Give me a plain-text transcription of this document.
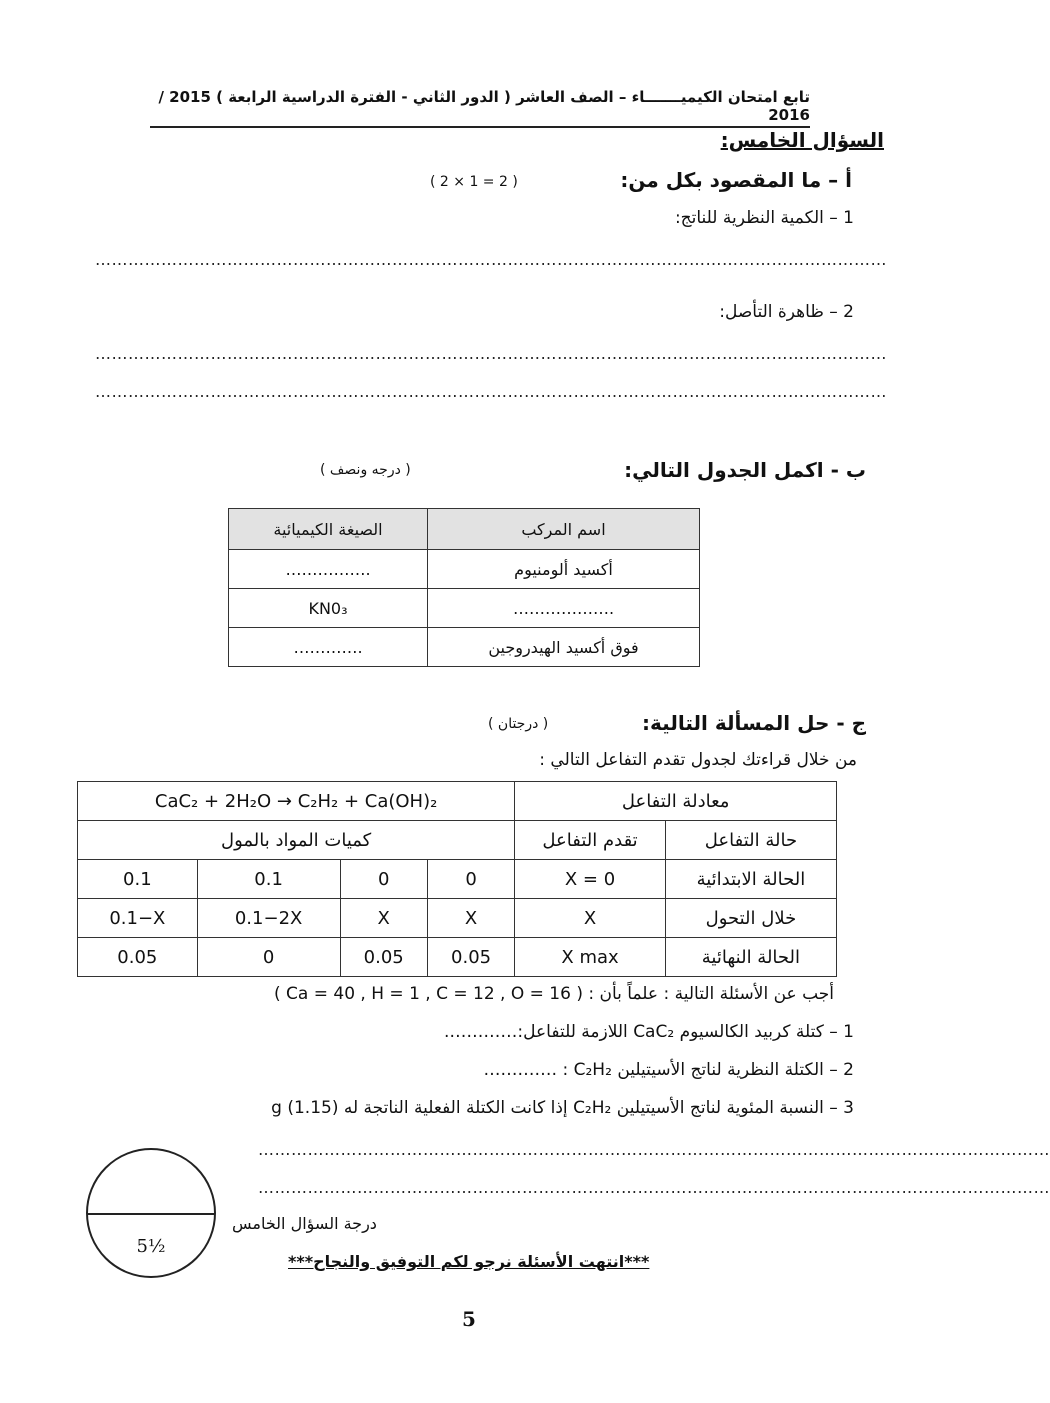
تابع امتحان الكيميـــــــاء – الصف العاشر ( الدور الثاني - الفترة الدراسية الرابعة ) 2015 / 2016
السؤال الخامس:
أ – ما المقصود بكل من:
( 2 × 1 = 2 )
1 – الكمية النظرية للناتج:
………………………………………………………………………………………………………………………………
2 – ظاهرة التأصل:
………………………………………………………………………………………………………………………………
………………………………………………………………………………………………………………………………
ب - اكمل الجدول التالي:
( درجه ونصف )
الصيغة الكيميائية	اسم المركب
…………….	أكسيد ألومنيوم
KN0₃	……………….
………….	فوق أكسيد الهيدروجين
ج - حل المسألة التالية:
( درجتان )
من خلال قراءتك لجدول تقدم التفاعل التالي :
CaC₂ + 2H₂O → C₂H₂ + Ca(OH)₂				معادلة التفاعل	
كميات المواد بالمول				تقدم التفاعل	حالة التفاعل
0.1	0.1	0	0	X = 0	الحالة الابتدائية
0.1−X	0.1−2X	X	X	X	خلال التحول
0.05	0	0.05	0.05	X max	الحالة النهائية
أجب عن الأسئلة التالية : علماً بأن : ( Ca = 40 , H = 1 , C = 12 , O = 16 )
1 – كتلة كربيد الكالسيوم CaC₂ اللازمة للتفاعل:………….
2 – الكتلة النظرية لناتج الأسيتيلين C₂H₂ : ………….
3 – النسبة المئوية لناتج الأسيتيلين C₂H₂ إذا كانت الكتلة الفعلية الناتجة له g (1.15)
………………………………………………………………………………………………………………………………
………………………………………………………………………………………………………………………………
5½
درجة السؤال الخامس
***انتهت الأسئلة نرجو لكم التوفيق والنجاح***
5
